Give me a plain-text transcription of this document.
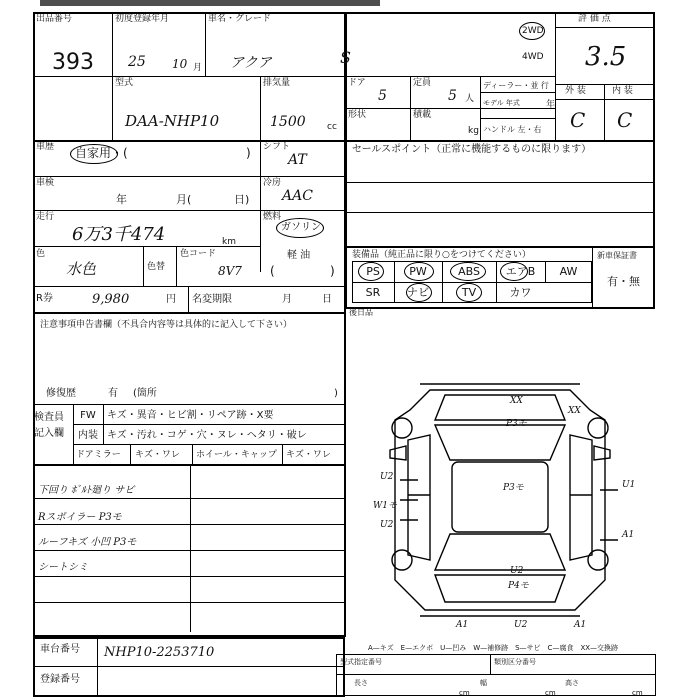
出品番号
393
初度登録年月
25 10 月
車名・グレード
アクア	S
2WD
4WD
評 価 点
3.5
型式
DAA-NHP10
排気量
1500 cc
ドア
5
定員
5 人
ディーラー・並 行
モデル 年式	年
形状	積載
kg ハンドル 左・右
外 装	内 装
C C
車歴 自家用・(	) シフト
AT
セールスポイント（正常に機能するものに限ります）
車検
年	月(	日)
冷房
AAC
走行
6万3千474	km
燃料
ガソリン
装備品（純正品に限り○をつけてください）	新車保証書
PS	PW	ABS	エアB	AW
SR	ナビ	TV	カワ
有・無
色
水色	色替
色コード
8V7
軽 油
(	)
R券	9,980	円 名変期限	月	日
後日品
注意事項申告書欄（不具合内容等は具体的に記入して下さい）
修復歴	有 (箇所	)
検査員
記入欄
FW	キズ・異音・ヒビ割・リペア跡・X要
内装 キズ・汚れ・コゲ・穴・ヌレ・ヘタリ・破レ
ドアミラー キズ・ワレ ホイール・キャップ キズ・ワレ
下回り ﾎﾞﾙﾄ廻り サビ
Rスポイラー P3モ
ルーフキズ 小凹 P3モ
シートシミ
XX
P3モ
XX
P3モ	U1
U2
W1モ
U2
A1
U2
P4モ
A1	U2	A1
A—キズ　E—エクボ　U—凹み　W—補修跡　S—サビ　C—腐食　XX—交換跡
車台番号 NHP10-2253710
登録番号
型式指定番号	類別区分番号
長さ
cm
幅
cm
高さ
cm
